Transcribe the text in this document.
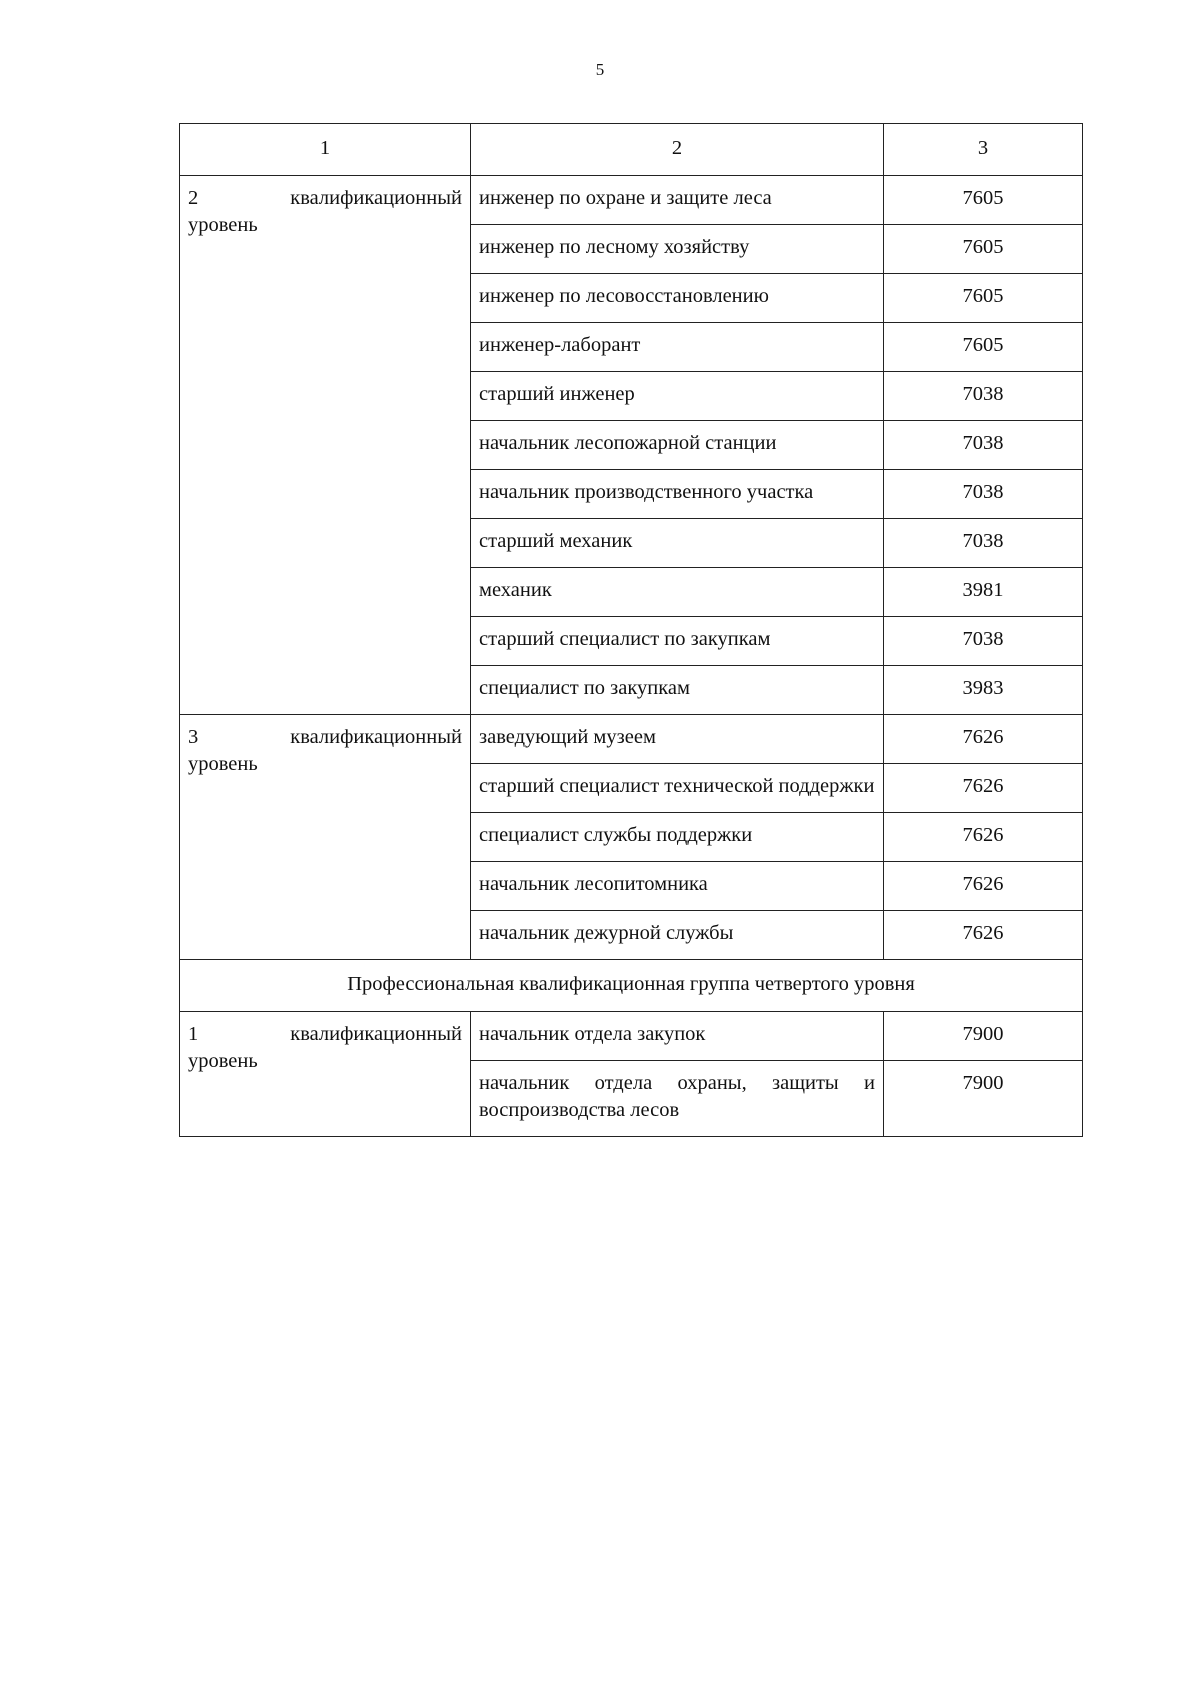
5
1	2	3

2 квалификационный
уровень	инженер по охране и защите леса	7605
	инженер по лесному хозяйству	7605
	инженер по лесовосстановлению	7605
	инженер-лаборант	7605
	старший инженер	7038
	начальник лесопожарной станции	7038
	начальник производственного участка	7038
	старший механик	7038
	механик	3981
	старший специалист по закупкам	7038
	специалист по закупкам	3983

3 квалификационный
уровень	заведующий музеем	7626
	старший специалист технической поддержки	7626
	специалист службы поддержки	7626
	начальник лесопитомника	7626
	начальник дежурной службы	7626
Профессиональная квалификационная группа четвертого уровня		

1 квалификационный
уровень	начальник отдела закупок	7900
	начальник отдела охраны, защиты и воспроизводства лесов	7900
